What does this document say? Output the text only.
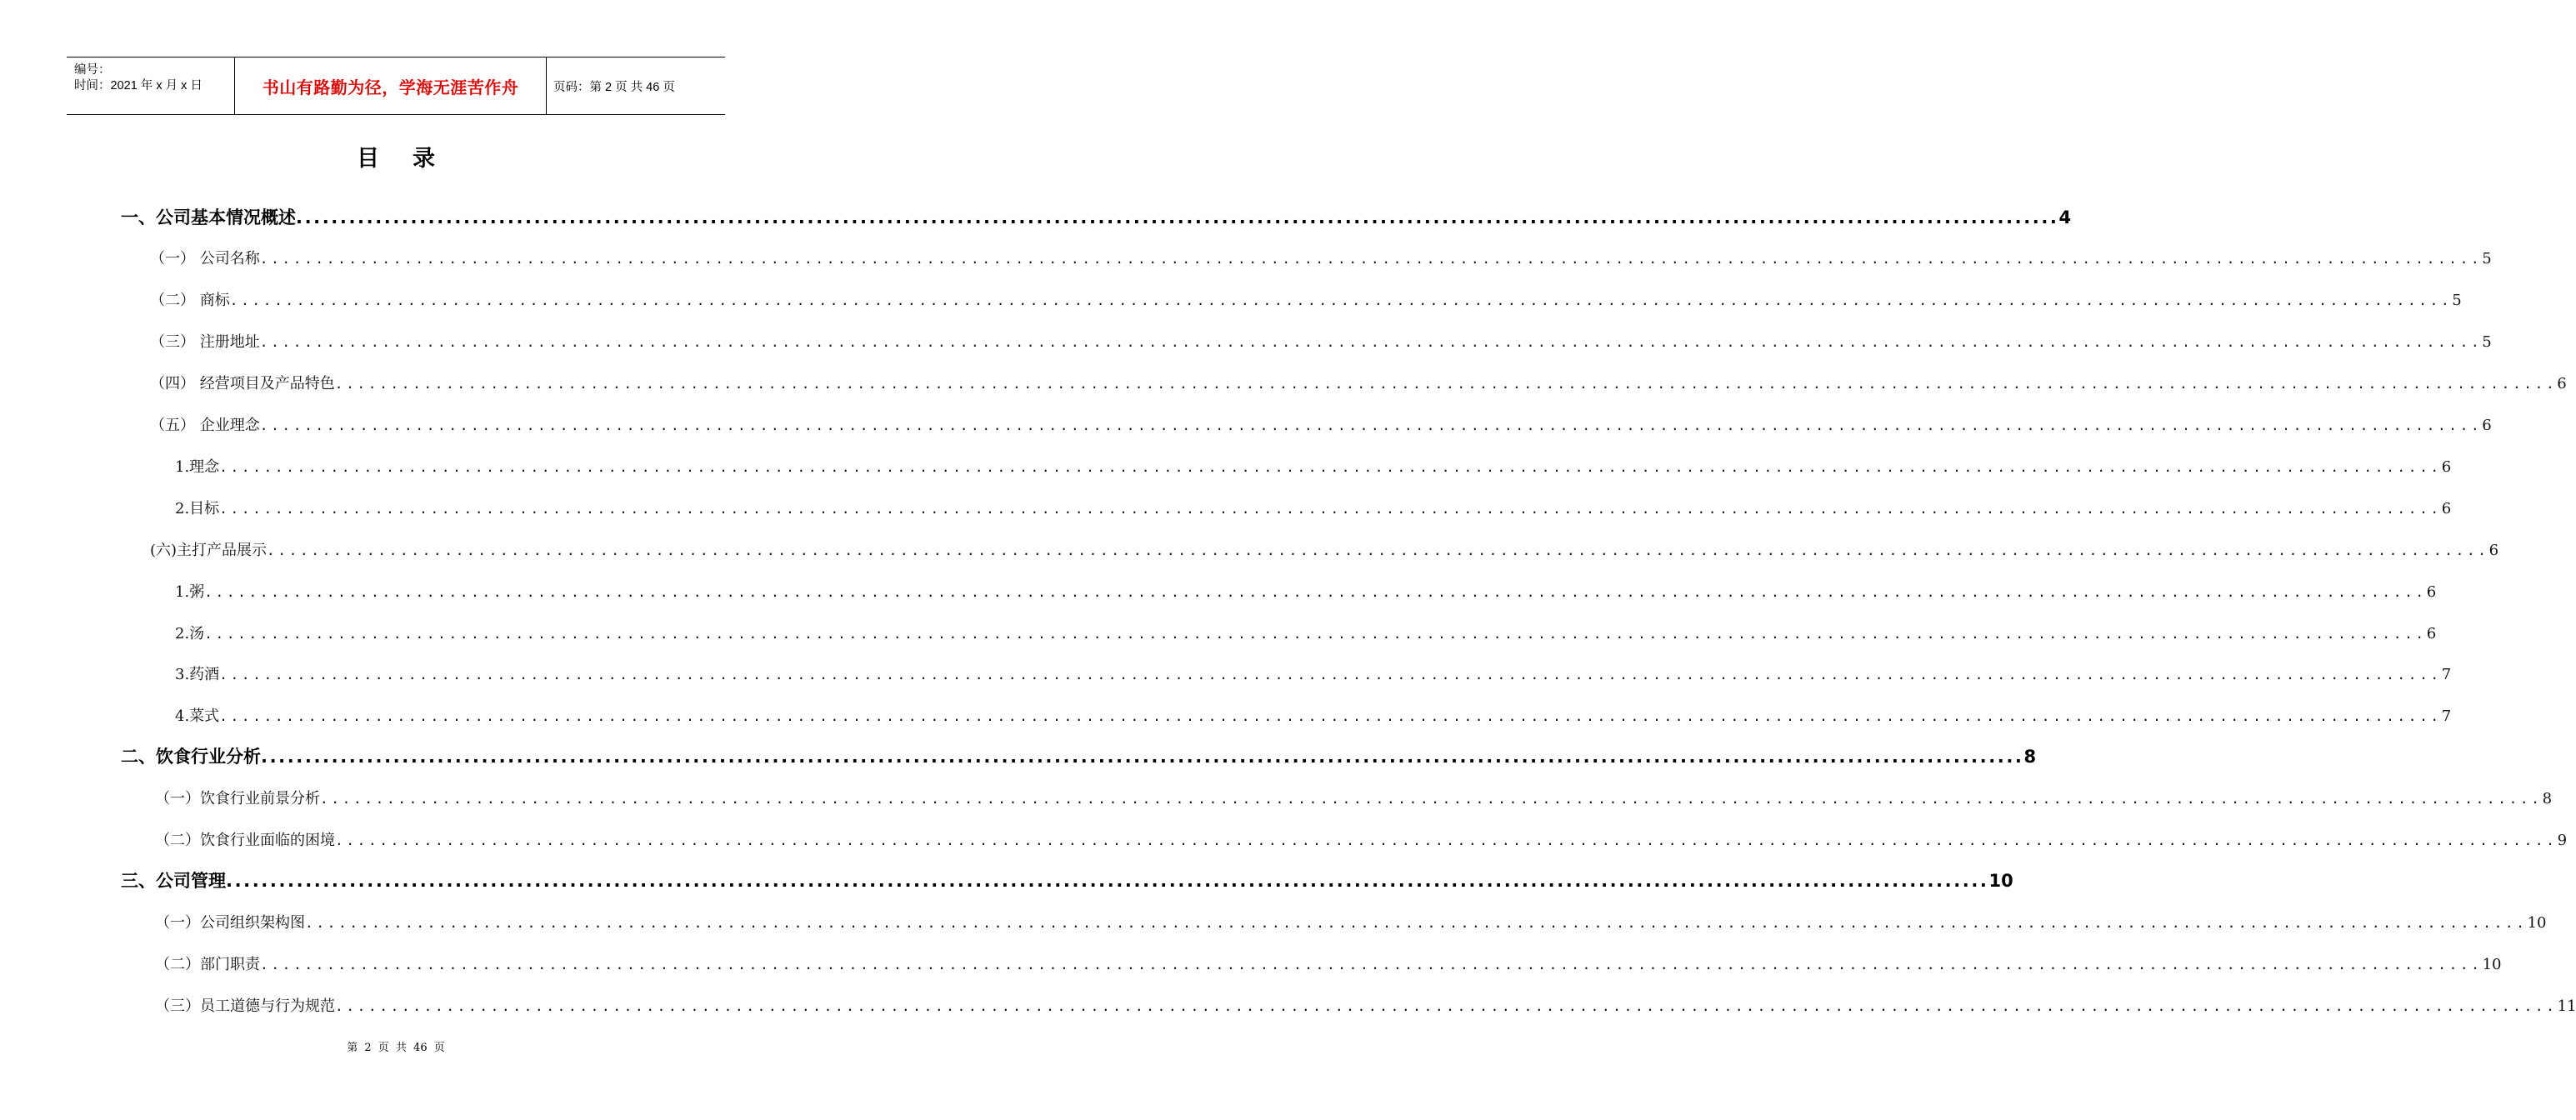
编号：
时间：2021 年 x 月 x 日	书山有路勤为径，学海无涯苦作舟	页码：第 2 页 共 46 页
目录
一、公司基本情况概述 ........................................................................................................................................................................................................ 4
（一） 公司名称 ........................................................................................................................................................................................................ 5
（二） 商标 ........................................................................................................................................................................................................ 5
（三） 注册地址 ........................................................................................................................................................................................................ 5
（四） 经营项目及产品特色 ........................................................................................................................................................................................................ 6
（五） 企业理念 ........................................................................................................................................................................................................ 6
1.理念 ........................................................................................................................................................................................................ 6
2.目标 ........................................................................................................................................................................................................ 6
(六)主打产品展示 ........................................................................................................................................................................................................ 6
1.粥 ........................................................................................................................................................................................................ 6
2.汤 ........................................................................................................................................................................................................ 6
3.药酒 ........................................................................................................................................................................................................ 7
4.菜式 ........................................................................................................................................................................................................ 7
二、饮食行业分析 ........................................................................................................................................................................................................ 8
（一）饮食行业前景分析 ........................................................................................................................................................................................................ 8
（二）饮食行业面临的困境 ........................................................................................................................................................................................................ 9
三、公司管理 ........................................................................................................................................................................................................ 10
（一）公司组织架构图 ........................................................................................................................................................................................................ 10
（二）部门职责 ........................................................................................................................................................................................................ 10
（三）员工道德与行为规范 ........................................................................................................................................................................................................ 11
第 2 页 共 46 页
